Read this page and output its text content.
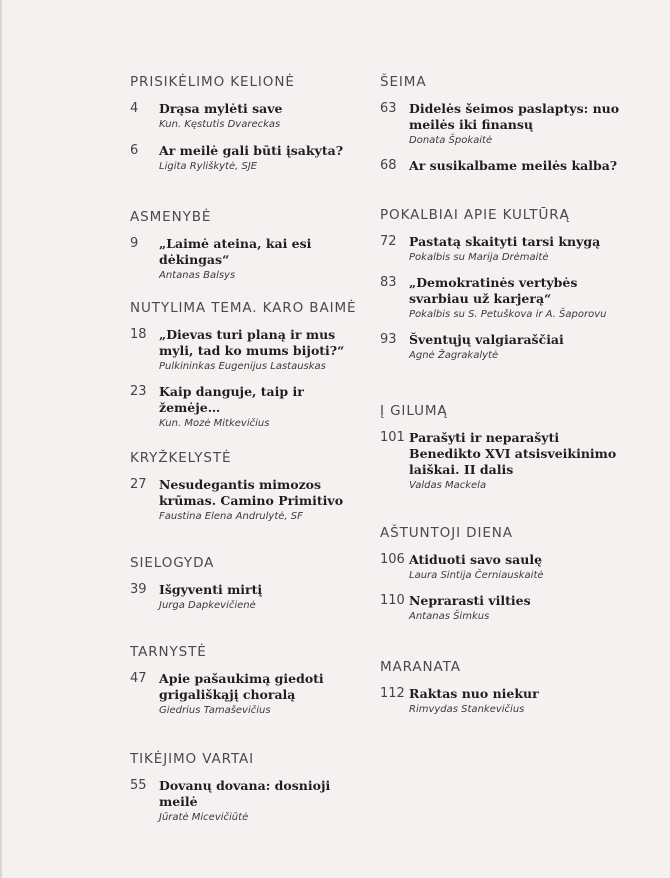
PRISIKĖLIMO KELIONĖ
4 Drąsa mylėti save
Kun. Kęstutis Dvareckas
6 Ar meilė gali būti įsakyta?
Ligita Ryliškytė, SJE
ASMENYBĖ
9 „Laimė ateina, kai esi dėkingas“
Antanas Balsys
NUTYLIMA TEMA. KARO BAIMĖ
18 „Dievas turi planą ir mus myli, tad ko mums bijoti?“
Pulkininkas Eugenijus Lastauskas
23 Kaip danguje, taip ir žemėje…
Kun. Mozė Mitkevičius
KRYŽKELYSTĖ
27 Nesudegantis mimozos krūmas. Camino Primitivo
Faustina Elena Andrulytė, SF
SIELOGYDA
39 Išgyventi mirtį
Jurga Dapkevičienė
TARNYSTĖ
47 Apie pašaukimą giedoti grigališkąjį choralą
Giedrius Tamaševičius
TIKĖJIMO VARTAI
55 Dovanų dovana: dosnioji meilė
Jūratė Micevičiūtė
ŠEIMA
63 Didelės šeimos paslaptys: nuo meilės iki finansų
Donata Špokaitė
68 Ar susikalbame meilės kalba?
POKALBIAI APIE KULTŪRĄ
72 Pastatą skaityti tarsi knygą
Pokalbis su Marija Drėmaitė
83 „Demokratinės vertybės svarbiau už karjerą“
Pokalbis su S. Petuškova ir A. Šaporovu
93 Šventųjų valgiaraščiai
Agnė Žagrakalytė
Į GILUMĄ
101 Parašyti ir neparašyti Benedikto XVI atsisveikinimo laiškai. II dalis
Valdas Mackela
AŠTUNTOJI DIENA
106 Atiduoti savo saulę
Laura Sintija Černiauskaitė
110 Neprarasti vilties
Antanas Šimkus
MARANATA
112 Raktas nuo niekur
Rimvydas Stankevičius
